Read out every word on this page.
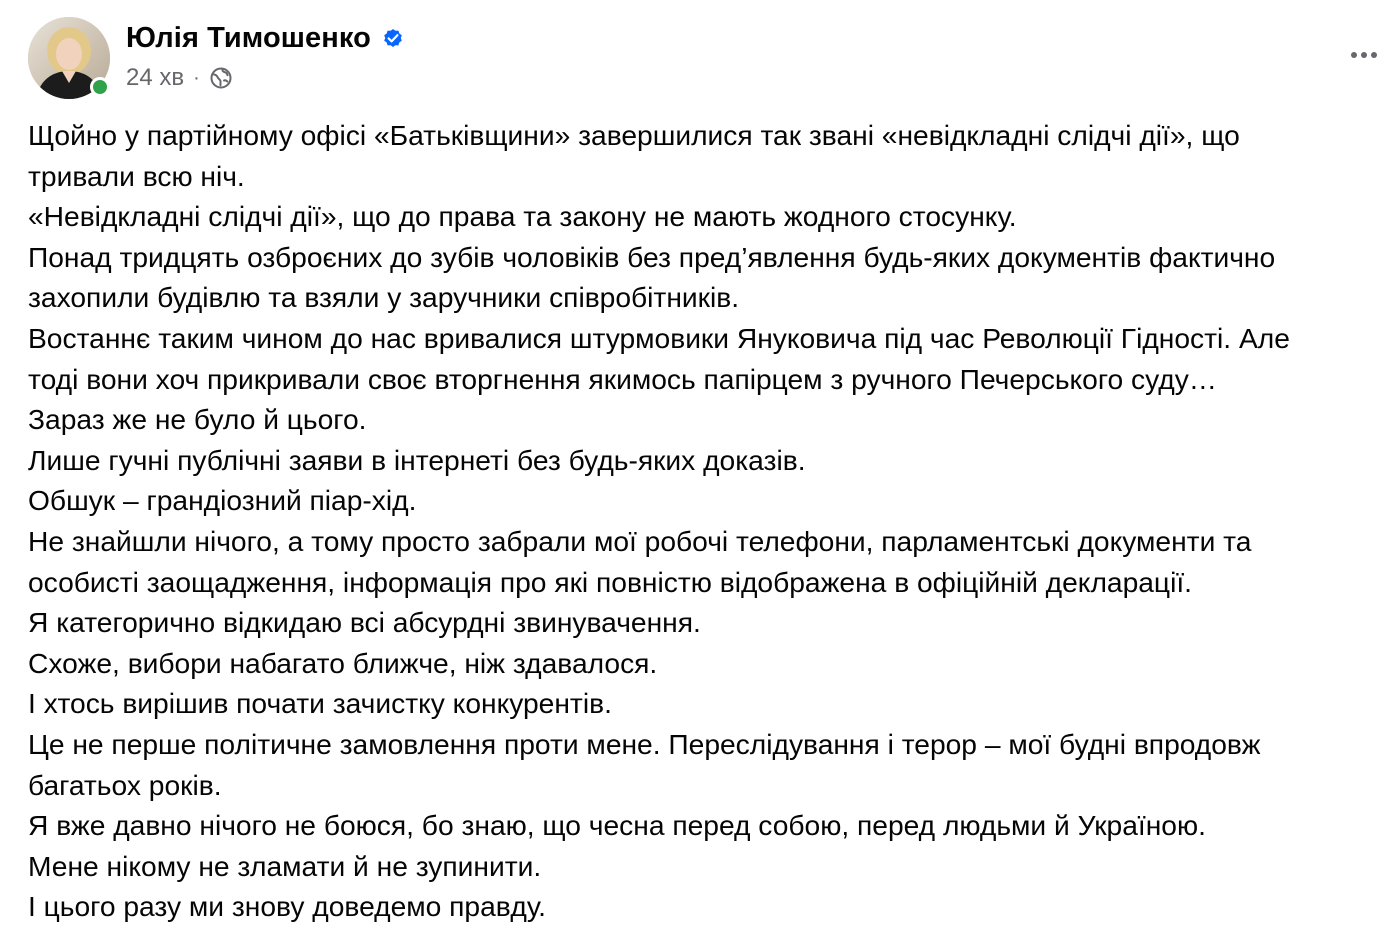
Юлія Тимошенко
24 хв ·

Щойно у партійному офісі «Батьківщини» завершилися так звані «невідкладні слідчі дії», що

тривали всю ніч.

«Невідкладні слідчі дії», що до права та закону не мають жодного стосунку.

Понад тридцять озброєних до зубів чоловіків без пред’явлення будь-яких документів фактично

захопили будівлю та взяли у заручники співробітників.

Востаннє таким чином до нас вривалися штурмовики Януковича під час Революції Гідності. Але

тоді вони хоч прикривали своє вторгнення якимось папірцем з ручного Печерського суду…

Зараз же не було й цього.

Лише гучні публічні заяви в інтернеті без будь-яких доказів.

Обшук – грандіозний піар-хід.

Не знайшли нічого, а тому просто забрали мої робочі телефони, парламентські документи та

особисті заощадження, інформація про які повністю відображена в офіційній декларації.

Я категорично відкидаю всі абсурдні звинувачення.

Схоже, вибори набагато ближче, ніж здавалося.

І хтось вирішив почати зачистку конкурентів.

Це не перше політичне замовлення проти мене. Переслідування і терор – мої будні впродовж

багатьох років.

Я вже давно нічого не боюся, бо знаю, що чесна перед собою, перед людьми й Україною.

Мене нікому не зламати й не зупинити.

І цього разу ми знову доведемо правду.
